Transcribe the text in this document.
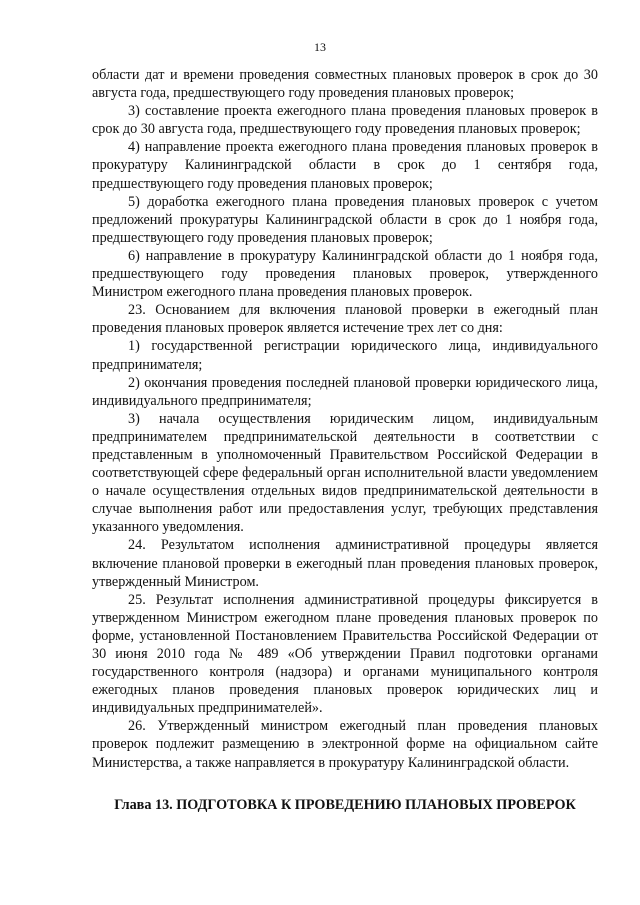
13

области дат и времени проведения совместных плановых проверок в срок до 30 августа года, предшествующего году проведения плановых проверок;

3) составление проекта ежегодного плана проведения плановых проверок в срок до 30 августа года, предшествующего году проведения плановых проверок;

4) направление проекта ежегодного плана проведения плановых проверок в прокуратуру Калининградской области в срок до 1 сентября года, предшествующего году проведения плановых проверок;

5) доработка ежегодного плана проведения плановых проверок с учетом предложений прокуратуры Калининградской области в срок до 1 ноября года, предшествующего году проведения плановых проверок;

6) направление в прокуратуру Калининградской области до 1 ноября года, предшествующего году проведения плановых проверок, утвержденного Министром ежегодного плана проведения плановых проверок.

23. Основанием для включения плановой проверки в ежегодный план проведения плановых проверок является истечение трех лет со дня:

1) государственной регистрации юридического лица, индивидуального предпринимателя;

2) окончания проведения последней плановой проверки юридического лица, индивидуального предпринимателя;

3) начала осуществления юридическим лицом, индивидуальным предпринимателем предпринимательской деятельности в соответствии с представленным в уполномоченный Правительством Российской Федерации в соответствующей сфере федеральный орган исполнительной власти уведомлением о начале осуществления отдельных видов предпринимательской деятельности в случае выполнения работ или предоставления услуг, требующих представления указанного уведомления.

24. Результатом исполнения административной процедуры является включение плановой проверки в ежегодный план проведения плановых проверок, утвержденный Министром.

25. Результат исполнения административной процедуры фиксируется в утвержденном Министром ежегодном плане проведения плановых проверок по форме, установленной Постановлением Правительства Российской Федерации от 30 июня 2010 года № 489 «Об утверждении Правил подготовки органами государственного контроля (надзора) и органами муниципального контроля ежегодных планов проведения плановых проверок юридических лиц и индивидуальных предпринимателей».

26. Утвержденный министром ежегодный план проведения плановых проверок подлежит размещению в электронной форме на официальном сайте Министерства, а также направляется в прокуратуру Калининградской области.

Глава 13. ПОДГОТОВКА К ПРОВЕДЕНИЮ ПЛАНОВЫХ ПРОВЕРОК
